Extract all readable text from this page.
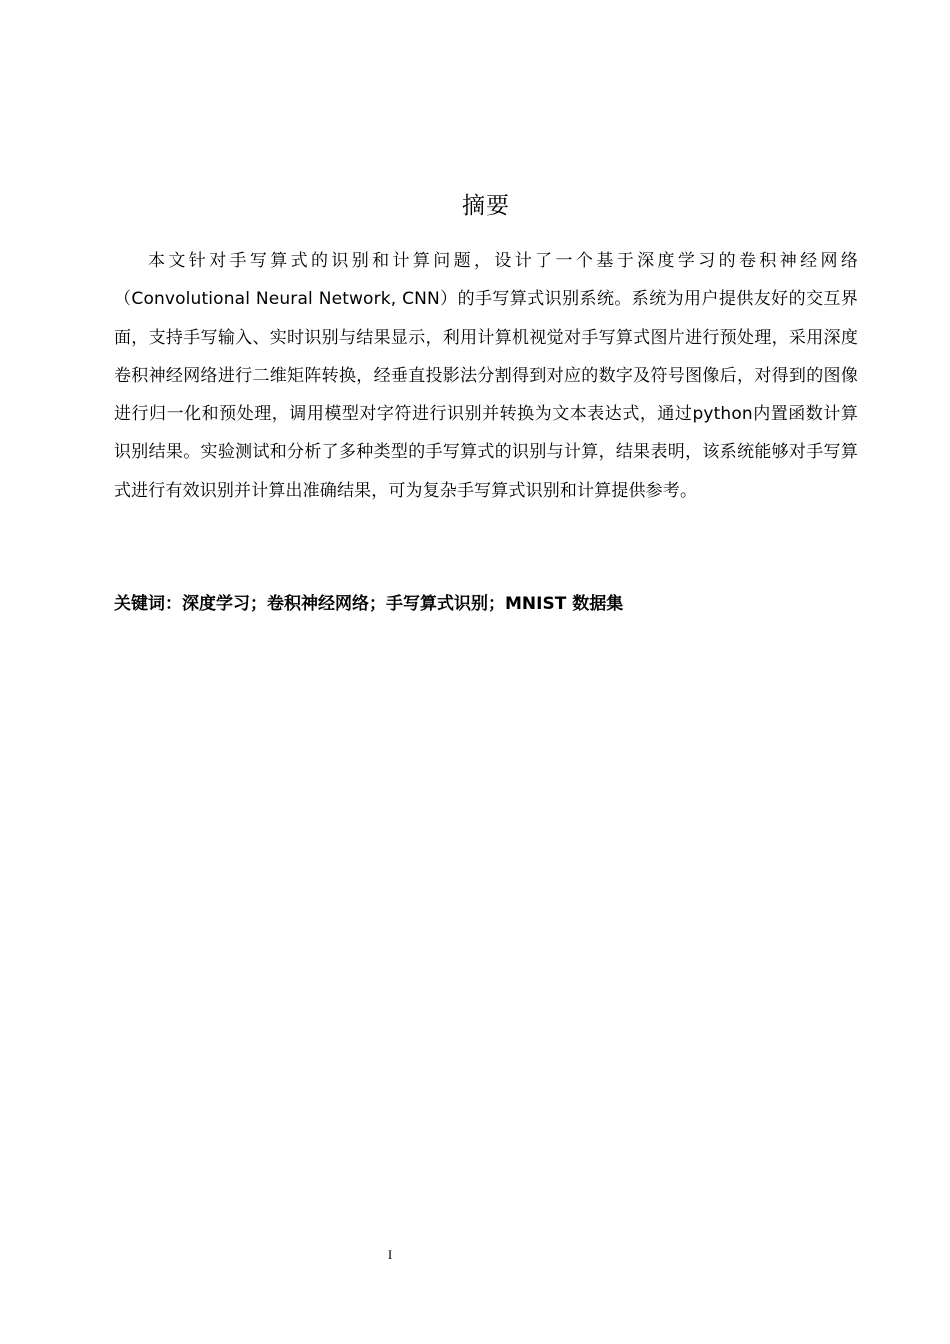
摘要

本文针对手写算式的识别和计算问题，设计了一个基于深度学习的卷积神经网络（Convolutional Neural Network, CNN）的手写算式识别系统。系统为用户提供友好的交互界面，支持手写输入、实时识别与结果显示，利用计算机视觉对手写算式图片进行预处理，采用深度卷积神经网络进行二维矩阵转换，经垂直投影法分割得到对应的数字及符号图像后，对得到的图像进行归一化和预处理，调用模型对字符进行识别并转换为文本表达式，通过python内置函数计算识别结果。实验测试和分析了多种类型的手写算式的识别与计算，结果表明，该系统能够对手写算式进行有效识别并计算出准确结果，可为复杂手写算式识别和计算提供参考。

关键词：深度学习；卷积神经网络；手写算式识别；MNIST 数据集

I
